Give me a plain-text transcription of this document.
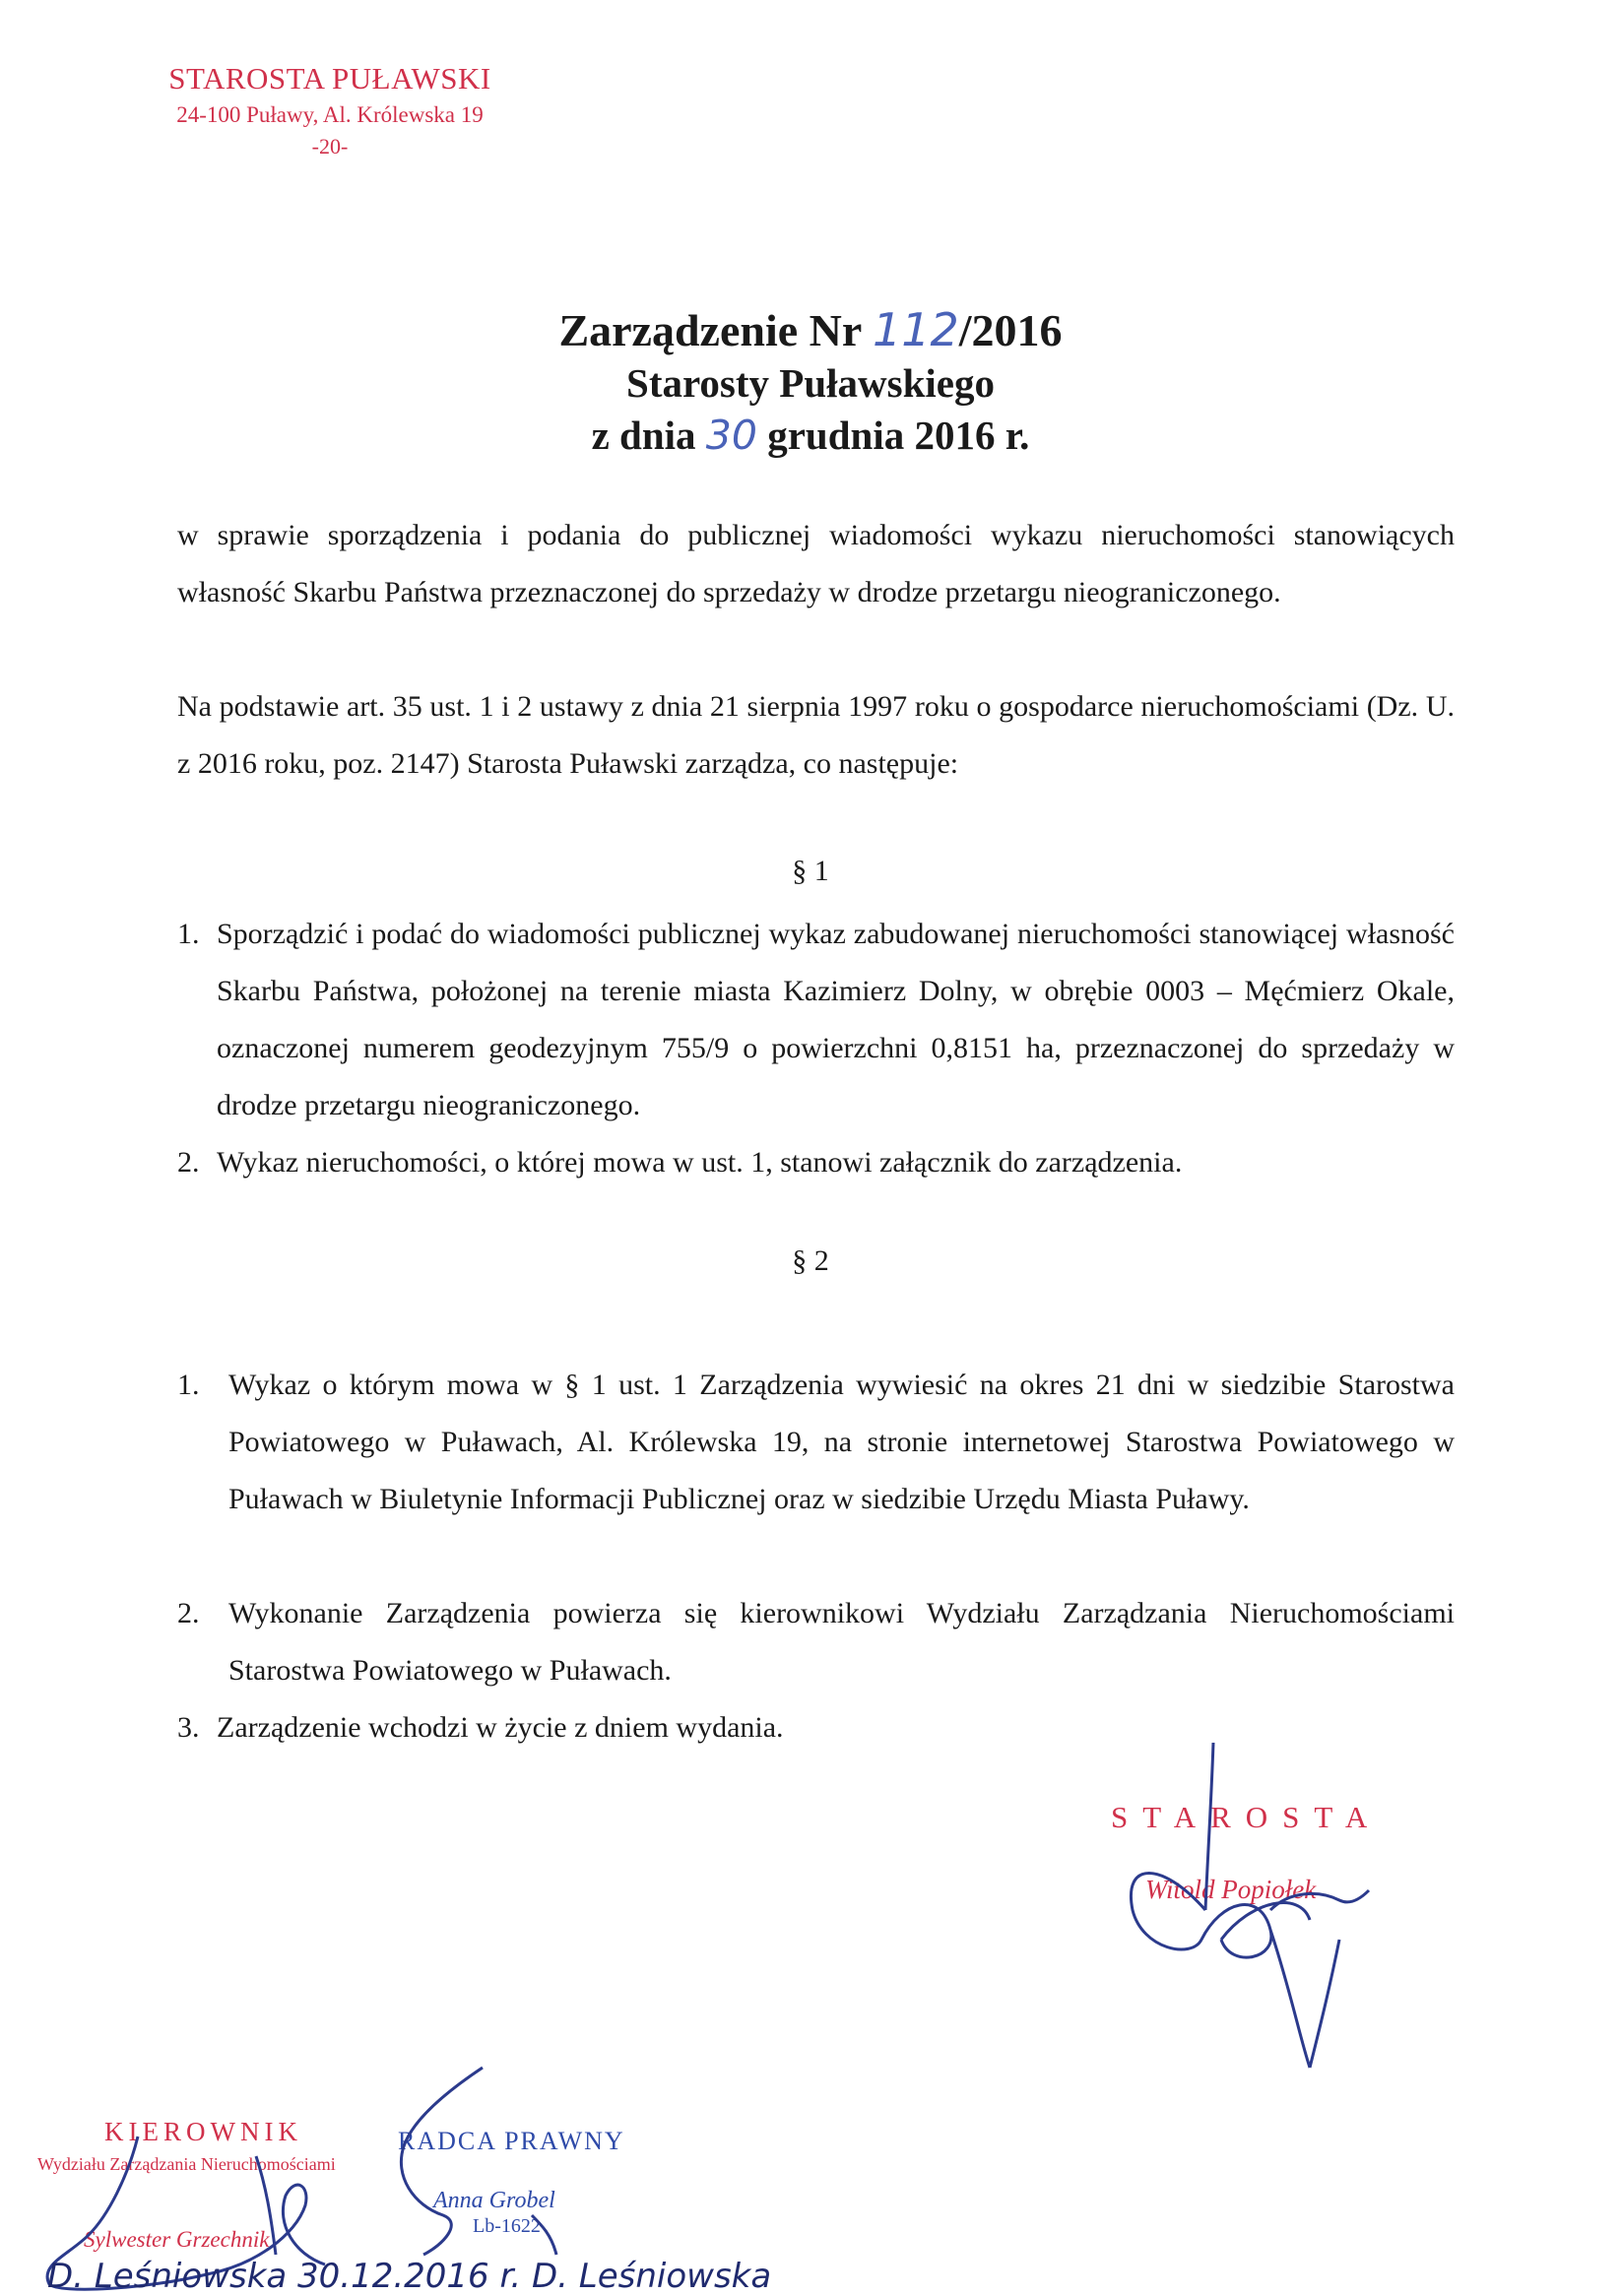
STAROSTA PUŁAWSKI
24-100 Puławy, Al. Królewska 19
-20-
Zarządzenie Nr 112/2016
Starosty Puławskiego
z dnia 30 grudnia 2016 r.
w sprawie sporządzenia i podania do publicznej wiadomości wykazu nieruchomości stanowiących własność Skarbu Państwa przeznaczonej do sprzedaży w drodze przetargu nieograniczonego.
Na podstawie art. 35 ust. 1 i 2 ustawy z dnia 21 sierpnia 1997 roku o gospodarce nieruchomościami (Dz. U. z 2016 roku, poz. 2147) Starosta Puławski zarządza, co następuje:
§ 1
1. Sporządzić i podać do wiadomości publicznej wykaz zabudowanej nieruchomości stanowiącej własność Skarbu Państwa, położonej na terenie miasta Kazimierz Dolny, w obrębie 0003 – Męćmierz Okale, oznaczonej numerem geodezyjnym 755/9 o powierzchni 0,8151 ha, przeznaczonej do sprzedaży w drodze przetargu nieograniczonego.
2. Wykaz nieruchomości, o której mowa w ust. 1, stanowi załącznik do zarządzenia.
§ 2
1. Wykaz o którym mowa w § 1 ust. 1 Zarządzenia wywiesić na okres 21 dni w siedzibie Starostwa Powiatowego w Puławach, Al. Królewska 19, na stronie internetowej Starostwa Powiatowego w Puławach w Biuletynie Informacji Publicznej oraz w siedzibie Urzędu Miasta Puławy.
2. Wykonanie Zarządzenia powierza się kierownikowi Wydziału Zarządzania Nieruchomościami Starostwa Powiatowego w Puławach.
3. Zarządzenie wchodzi w życie z dniem wydania.
STAROSTA
Witold Popiołek
KIEROWNIK
Wydziału Zarządzania Nieruchomościami
Sylwester Grzechnik
RADCA PRAWNY
Anna Grobel
Lb-1622
D. Leśniowska 30.12.2016 r. D. Leśniowska
